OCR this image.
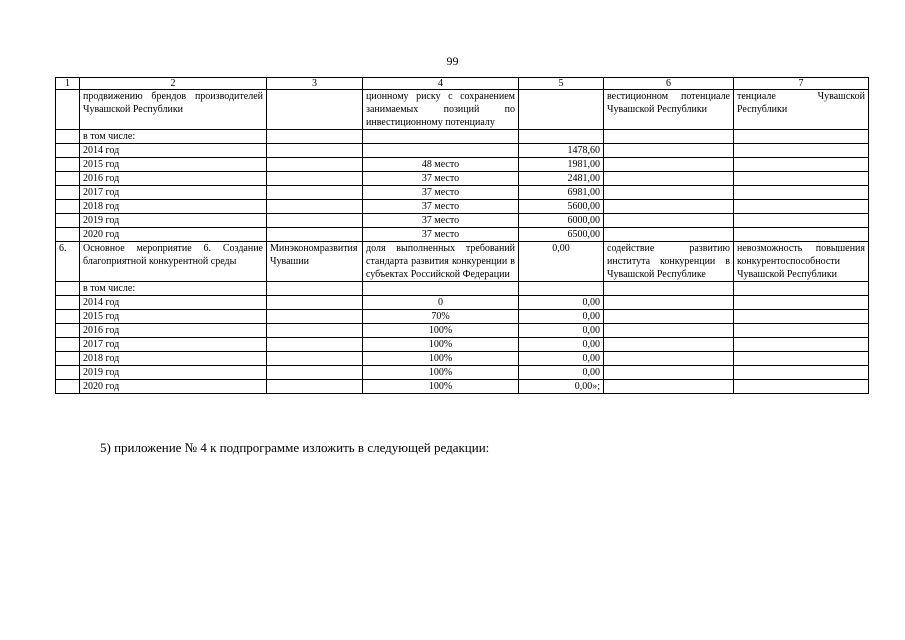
99
1	2	3	4	5	6	7
	продвижению брендов производителей Чувашской Республики		ционному риску с сохранением занимаемых позиций по инвестиционному потенциалу		вестиционном потенциале Чувашской Республики	тенциале Чувашской Республики
	в том числе:					
	2014 год			1478,60		
	2015 год		48 место	1981,00		
	2016 год		37 место	2481,00		
	2017 год		37 место	6981,00		
	2018 год		37 место	5600,00		
	2019 год		37 место	6000,00		
	2020 год		37 место	6500,00		
6.	Основное мероприятие 6. Создание благоприятной конкурентной среды	Минэкономразвития Чувашии	доля выполненных требований стандарта развития конкуренции в субъектах Российской Федерации	0,00	содействие развитию института конкуренции в Чувашской Республике	невозможность повышения конкурентоспособности Чувашской Республики
	в том числе:					
	2014 год		0	0,00		
	2015 год		70%	0,00		
	2016 год		100%	0,00		
	2017 год		100%	0,00		
	2018 год		100%	0,00		
	2019 год		100%	0,00		
	2020 год		100%	0,00»;		
5) приложение № 4 к подпрограмме изложить в следующей редакции:
